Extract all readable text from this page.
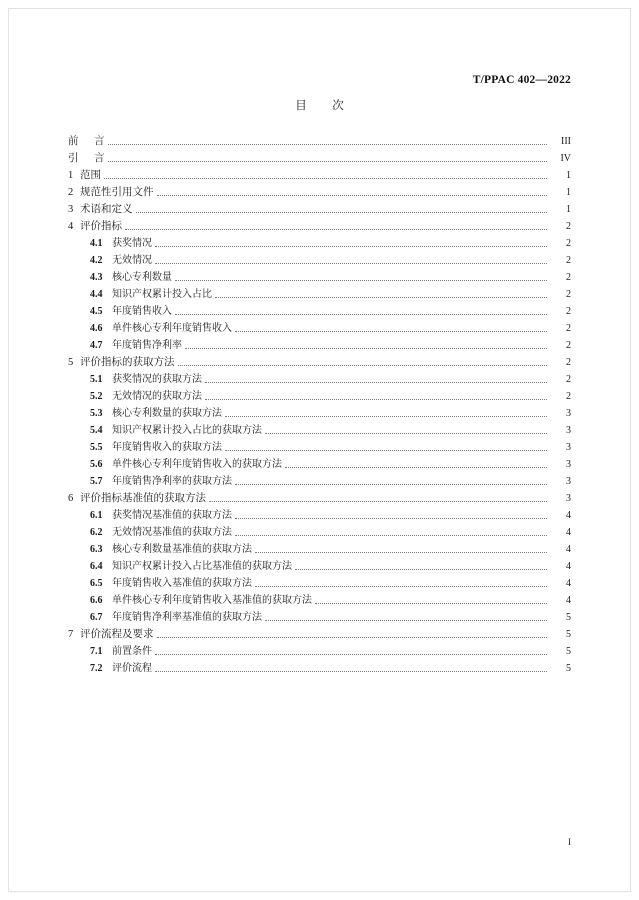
T/PPAC 402—2022
目　次
前 言	III
引 言	IV
1 范围	1
2 规范性引用文件	1
3 术语和定义	1
4 评价指标	2
4.1 获奖情况	2
4.2 无效情况	2
4.3 核心专利数量	2
4.4 知识产权累计投入占比	2
4.5 年度销售收入	2
4.6 单件核心专利年度销售收入	2
4.7 年度销售净利率	2
5 评价指标的获取方法	2
5.1 获奖情况的获取方法	2
5.2 无效情况的获取方法	2
5.3 核心专利数量的获取方法	3
5.4 知识产权累计投入占比的获取方法	3
5.5 年度销售收入的获取方法	3
5.6 单件核心专利年度销售收入的获取方法	3
5.7 年度销售净利率的获取方法	3
6 评价指标基准值的获取方法	3
6.1 获奖情况基准值的获取方法	4
6.2 无效情况基准值的获取方法	4
6.3 核心专利数量基准值的获取方法	4
6.4 知识产权累计投入占比基准值的获取方法	4
6.5 年度销售收入基准值的获取方法	4
6.6 单件核心专利年度销售收入基准值的获取方法	4
6.7 年度销售净利率基准值的获取方法	5
7 评价流程及要求	5
7.1 前置条件	5
7.2 评价流程	5
I
